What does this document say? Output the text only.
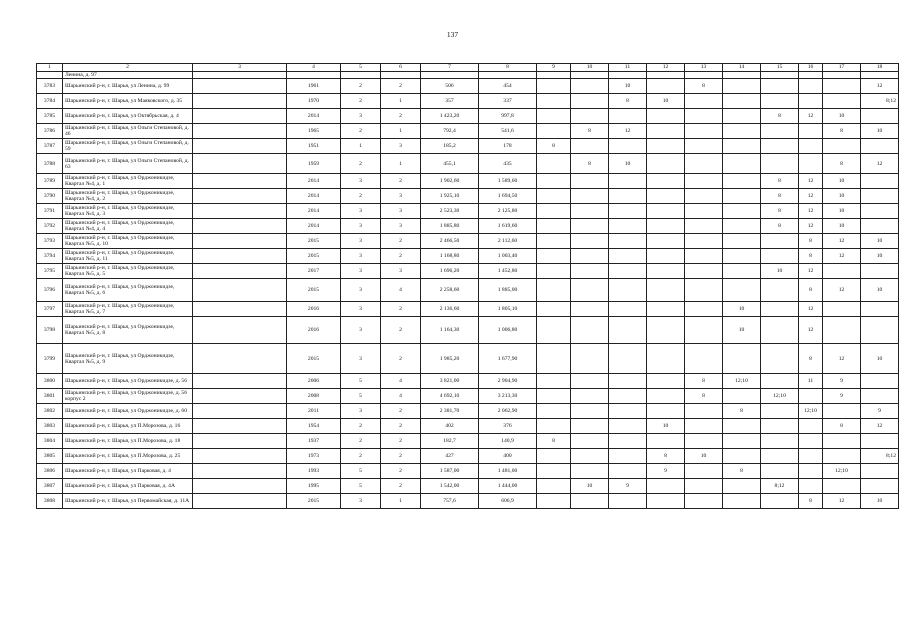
137
1	2	3	4	5	6	7	8	9	10	11	12	13	14	15	16	17	18
	Ленина, д. 97																
3783	Шарьинский р-н, г. Шарья, ул Ленина, д. 99		1961	2	2	506	454			10		8					12
3784	Шарьинский р-н, г. Шарья, ул Маяковского, д. 35		1970	2	1	357	337			8	10						8;12
3785	Шарьинский р-н, г. Шарья, ул Октябрьская, д. 4		2014	3	2	1 423,20	997,8							8	12	10	
3786	Шарьинский р-н, г. Шарья, ул Ольги Степановой, д. 46		1965	2	1	792,4	541,6		8	12						8	10
3787	Шарьинский р-н, г. Шарья, ул Ольги Степановой, д. 59		1951	1	3	185,2	178	8									
3788	Шарьинский р-н, г. Шарья, ул Ольги Степановой, д. 63		1959	2	1	455,1	435		8	10						8	12
3789	Шарьинский р-н, г. Шарья, ул Орджоникидзе, Квартал №4, д. 1		2014	3	2	1 902,60	1 589,60							8	12	10	
3790	Шарьинский р-н, г. Шарья, ул Орджоникидзе, Квартал №4, д. 2		2014	2	3	1 925,10	1 694,50							8	12	10	
3791	Шарьинский р-н, г. Шарья, ул Орджоникидзе, Квартал №4, д. 3		2014	3	3	2 523,30	2 125,80							8	12	10	
3792	Шарьинский р-н, г. Шарья, ул Орджоникидзе, Квартал №4, д. 4		2014	3	3	1 885,80	1 619,60							8	12	10	
3793	Шарьинский р-н, г. Шарья, ул Орджоникидзе, Квартал №5, д. 10		2015	3	2	2 466,50	2 112,60								8	12	10
3794	Шарьинский р-н, г. Шарья, ул Орджоникидзе, Квартал №5, д. 11		2015	3	2	1 168,80	1 003,40								8	12	10
3795	Шарьинский р-н, г. Шарья, ул Орджоникидзе, Квартал №5, д. 5		2017	3	3	1 696,20	1 452,80							10	12		
3796	Шарьинский р-н, г. Шарья, ул Орджоникидзе, Квартал №5, д. 6		2015	3	4	2 258,60	1 885,00								8	12	10
3797	Шарьинский р-н, г. Шарья, ул Орджоникидзе, Квартал №5, д. 7		2016	3	2	2 136,60	1 805,10						10		12		
3798	Шарьинский р-н, г. Шарья, ул Орджоникидзе, Квартал №5, д. 8		2016	3	2	1 164,30	1 006,80						10		12		
3799	Шарьинский р-н, г. Шарья, ул Орджоникидзе, Квартал №5, д. 9		2015	3	2	1 985,20	1 677,90								8	12	10
3800	Шарьинский р-н, г. Шарья, ул Орджоникидзе, д. 56		2006	5	4	3 821,00	2 904,90					8	12;10		11	9	
3801	Шарьинский р-н, г. Шарья, ул Орджоникидзе, д. 56 корпус 2		2008	5	4	4 692,10	3 213,30					8		12;10		9	
3802	Шарьинский р-н, г. Шарья, ул Орджоникидзе, д. 60		2011	3	2	2 381,70	2 062,90						8		12;10		9
3803	Шарьинский р-н, г. Шарья, ул П.Морозова, д. 16		1954	2	2	402	376				10					8	12
3804	Шарьинский р-н, г. Шарья, ул П.Морозова, д. 18		1937	2	2	182,7	140,9	8									
3805	Шарьинский р-н, г. Шарья, ул П.Морозова, д. 25		1973	2	2	427	400				8	10					8;12
3806	Шарьинский р-н, г. Шарья, ул Парковая, д. 4		1993	5	2	1 587,00	1 481,00				9		8			12;10	
3807	Шарьинский р-н, г. Шарья, ул Парковая, д. 4А		1995	5	2	1 542,00	1 444,00		10	9				8;12			
3808	Шарьинский р-н, г. Шарья, ул Первомайская, д. 11А		2015	3	1	757,6	606,9								8	12	10
